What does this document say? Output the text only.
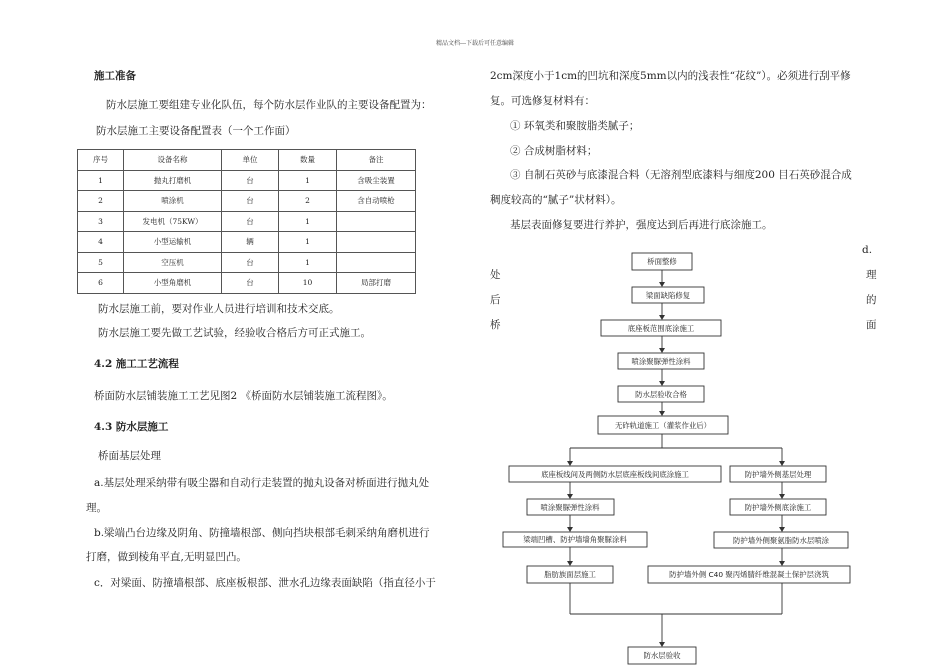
精品文档---下载后可任意编辑
施工准备
防水层施工要组建专业化队伍，每个防水层作业队的主要设备配置为：
防水层施工主要设备配置表（一个工作面）
序号	设备名称	单位	数量	备注
1	抛丸打磨机	台	1	含吸尘装置
2	喷涂机	台	2	含自动喷枪
3	发电机（75KW）	台	1	
4	小型运输机	辆	1	
5	空压机	台	1	
6	小型角磨机	台	10	局部打磨
防水层施工前，要对作业人员进行培训和技术交底。
防水层施工要先做工艺试验，经验收合格后方可正式施工。
4.2 施工工艺流程
桥面防水层铺装施工工艺见图2 《桥面防水层铺装施工流程图》。
4.3 防水层施工
桥面基层处理
a.基层处理采纳带有吸尘器和自动行走装置的抛丸设备对桥面进行抛丸处
理。
b.梁端凸台边缘及阴角、防撞墙根部、侧向挡块根部毛刺采纳角磨机进行
打磨，做到棱角平直,无明显凹凸。
c．对梁面、防撞墙根部、底座板根部、泄水孔边缘表面缺陷（指直径小于
2cm深度小于1cm的凹坑和深度5mm以内的浅表性“花纹”）。必须进行刮平修
复。可选修复材料有：
① 环氧类和聚胺脂类腻子；
② 合成树脂材料；
③ 自制石英砂与底漆混合料（无溶剂型底漆料与细度200 目石英砂混合成
稠度较高的“腻子”状材料）。
基层表面修复要进行养护，强度达到后再进行底涂施工。
d.
处
后
桥
理
的
面
桥面整修
梁面缺陷修复
底座板范围底涂施工
喷涂聚脲弹性涂料
防水层验收合格
无砟轨道施工（灌浆作业后）
底座板线间及两侧防水层底座板线间底涂施工
喷涂聚脲弹性涂料
梁端凹槽、防护墙墙角聚脲涂料
脂肪族面层施工
防护墙外侧基层处理
防护墙外侧底涂施工
防护墙外侧聚氨脂防水层喷涂
防护墙外侧 C40 聚丙烯腈纤维混凝土保护层浇筑
防水层验收
